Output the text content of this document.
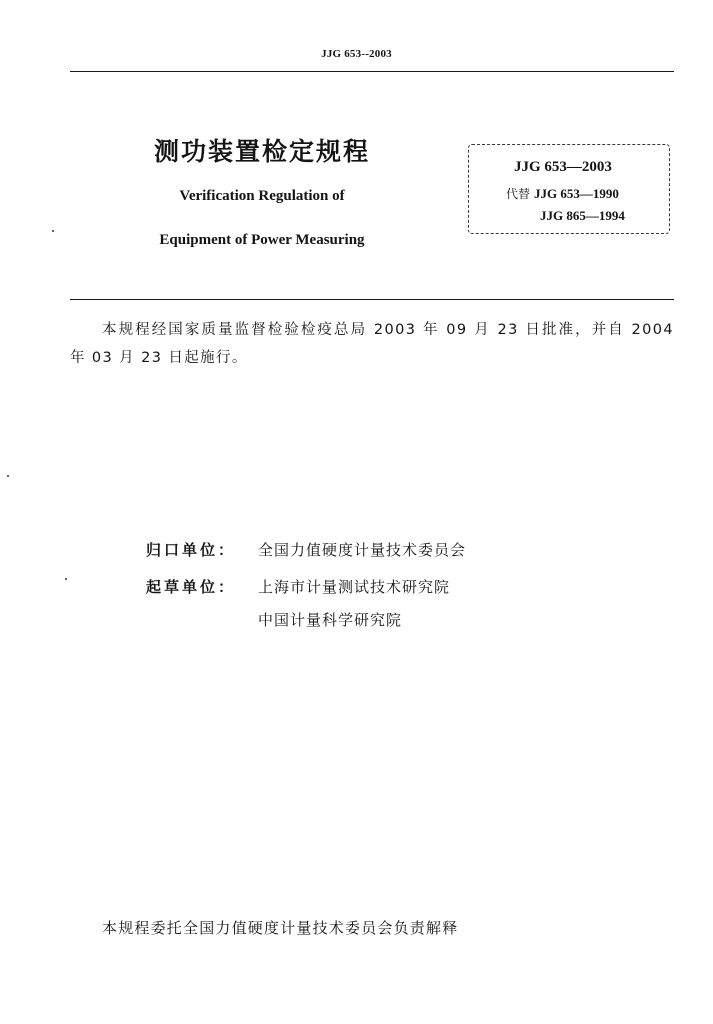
JJG 653--2003
测功装置检定规程
Verification Regulation of
Equipment of Power Measuring
JJG 653—2003
代替 JJG 653—1990
JJG 865—1994
本规程经国家质量监督检验检疫总局 2003 年 09 月 23 日批准，并自 2004 年 03 月 23 日起施行。
归口单位： 全国力值硬度计量技术委员会
起草单位： 上海市计量测试技术研究院
中国计量科学研究院
本规程委托全国力值硬度计量技术委员会负责解释
